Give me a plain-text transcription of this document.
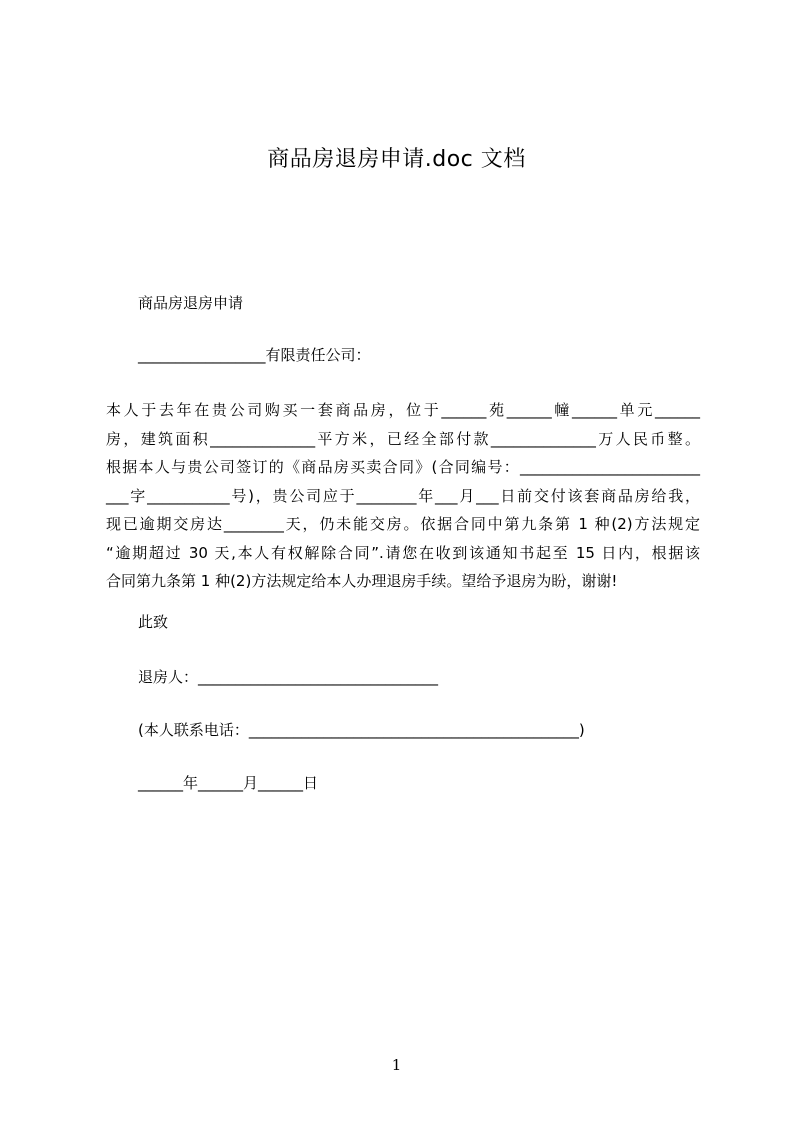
商品房退房申请.doc 文档
商品房退房申请
_________________有限责任公司：
本人于去年在贵公司购买一套商品房，位于______苑______幢______单元______
房，建筑面积______________平方米，已经全部付款______________万人民币整。
根据本人与贵公司签订的《商品房买卖合同》(合同编号：________________________
___字___________号)，贵公司应于________年___月___日前交付该套商品房给我，
现已逾期交房达________天，仍未能交房。依据合同中第九条第 1 种(2)方法规定
“逾期超过 30 天,本人有权解除合同”.请您在收到该通知书起至 15 日内，根据该
合同第九条第 1 种(2)方法规定给本人办理退房手续。望给予退房为盼，谢谢!
此致
退房人：________________________________
(本人联系电话：____________________________________________)
______年______月______日
1
